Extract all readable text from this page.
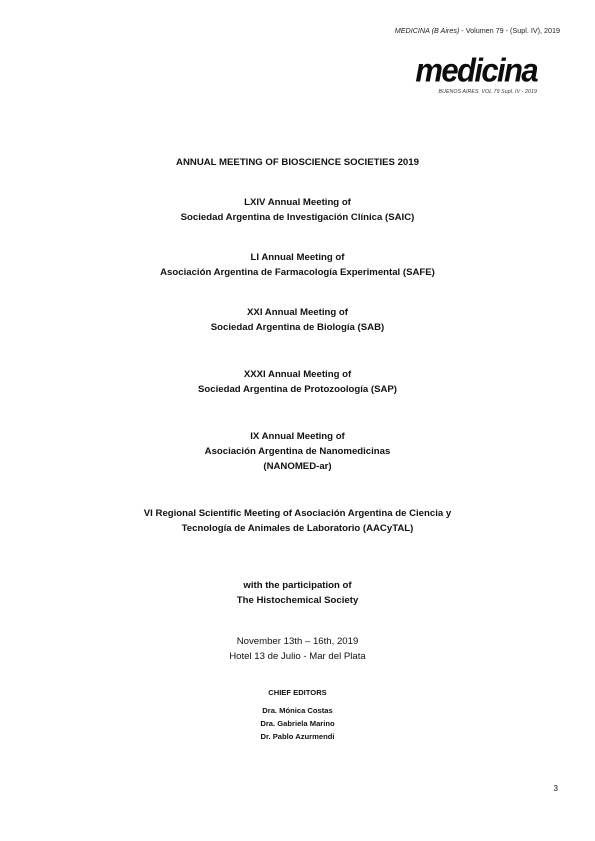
MEDICINA (B Aires) - Volumen 79 - (Supl. IV), 2019
medicina
BUENOS AIRES. VOL 79 Supl. IV - 2019
ANNUAL MEETING OF BIOSCIENCE SOCIETIES 2019
LXIV Annual Meeting of
Sociedad Argentina de Investigación Clínica (SAIC)
LI Annual Meeting of
Asociación Argentina de Farmacología Experimental (SAFE)
XXI Annual Meeting of
Sociedad Argentina de Biología (SAB)
XXXI Annual Meeting of
Sociedad Argentina de Protozoología (SAP)
IX Annual Meeting of
Asociación Argentina de Nanomedicinas
(NANOMED-ar)
VI Regional Scientific Meeting of Asociación Argentina de Ciencia y
Tecnología de Animales de Laboratorio (AACyTAL)
with the participation of
The Histochemical Society
November 13th – 16th, 2019
Hotel 13 de Julio - Mar del Plata
CHIEF EDITORS
Dra. Mónica Costas
Dra. Gabriela Marino
Dr. Pablo Azurmendi
3
